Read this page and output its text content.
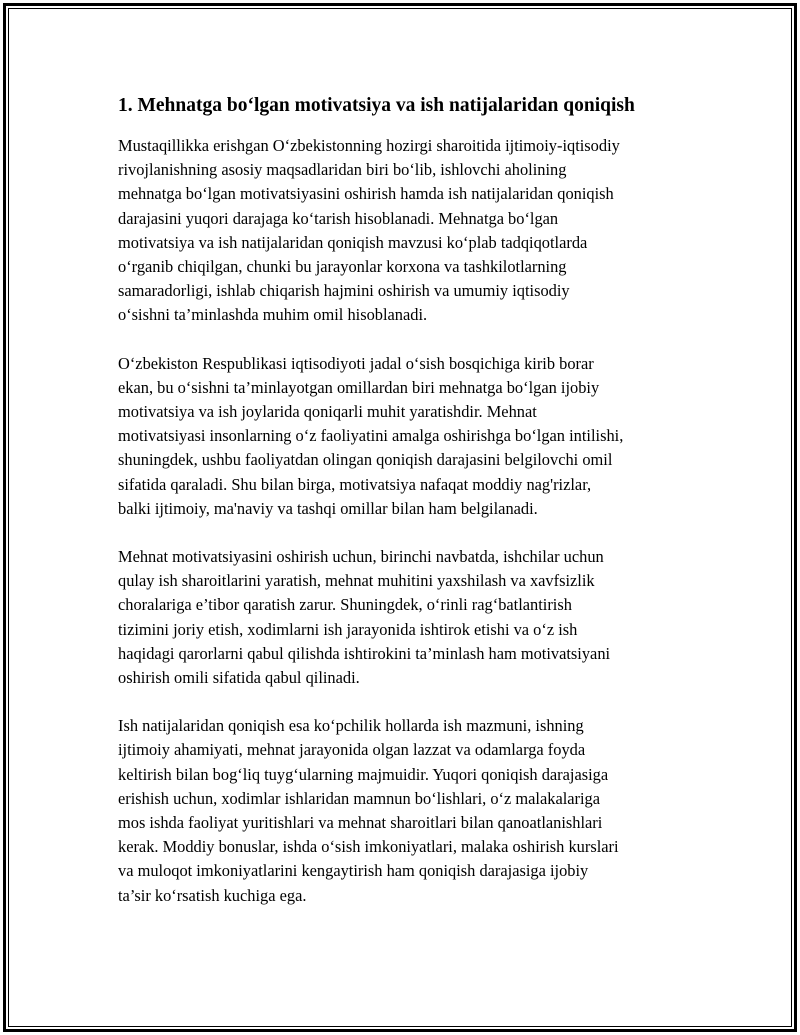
1. Mehnatga bo‘lgan motivatsiya va ish natijalaridan qoniqish
Mustaqillikka erishgan O‘zbekistonning hozirgi sharoitida ijtimoiy-iqtisodiy
rivojlanishning asosiy maqsadlaridan biri bo‘lib, ishlovchi aholining
mehnatga bo‘lgan motivatsiyasini oshirish hamda ish natijalaridan qoniqish
darajasini yuqori darajaga ko‘tarish hisoblanadi. Mehnatga bo‘lgan
motivatsiya va ish natijalaridan qoniqish mavzusi ko‘plab tadqiqotlarda
o‘rganib chiqilgan, chunki bu jarayonlar korxona va tashkilotlarning
samaradorligi, ishlab chiqarish hajmini oshirish va umumiy iqtisodiy
o‘sishni ta’minlashda muhim omil hisoblanadi.
O‘zbekiston Respublikasi iqtisodiyoti jadal o‘sish bosqichiga kirib borar
ekan, bu o‘sishni ta’minlayotgan omillardan biri mehnatga bo‘lgan ijobiy
motivatsiya va ish joylarida qoniqarli muhit yaratishdir. Mehnat
motivatsiyasi insonlarning o‘z faoliyatini amalga oshirishga bo‘lgan intilishi,
shuningdek, ushbu faoliyatdan olingan qoniqish darajasini belgilovchi omil
sifatida qaraladi. Shu bilan birga, motivatsiya nafaqat moddiy nag'rizlar,
balki ijtimoiy, ma'naviy va tashqi omillar bilan ham belgilanadi.
Mehnat motivatsiyasini oshirish uchun, birinchi navbatda, ishchilar uchun
qulay ish sharoitlarini yaratish, mehnat muhitini yaxshilash va xavfsizlik
choralariga e’tibor qaratish zarur. Shuningdek, o‘rinli rag‘batlantirish
tizimini joriy etish, xodimlarni ish jarayonida ishtirok etishi va o‘z ish
haqidagi qarorlarni qabul qilishda ishtirokini ta’minlash ham motivatsiyani
oshirish omili sifatida qabul qilinadi.
Ish natijalaridan qoniqish esa ko‘pchilik hollarda ish mazmuni, ishning
ijtimoiy ahamiyati, mehnat jarayonida olgan lazzat va odamlarga foyda
keltirish bilan bog‘liq tuyg‘ularning majmuidir. Yuqori qoniqish darajasiga
erishish uchun, xodimlar ishlaridan mamnun bo‘lishlari, o‘z malakalariga
mos ishda faoliyat yuritishlari va mehnat sharoitlari bilan qanoatlanishlari
kerak. Moddiy bonuslar, ishda o‘sish imkoniyatlari, malaka oshirish kurslari
va muloqot imkoniyatlarini kengaytirish ham qoniqish darajasiga ijobiy
ta’sir ko‘rsatish kuchiga ega.
